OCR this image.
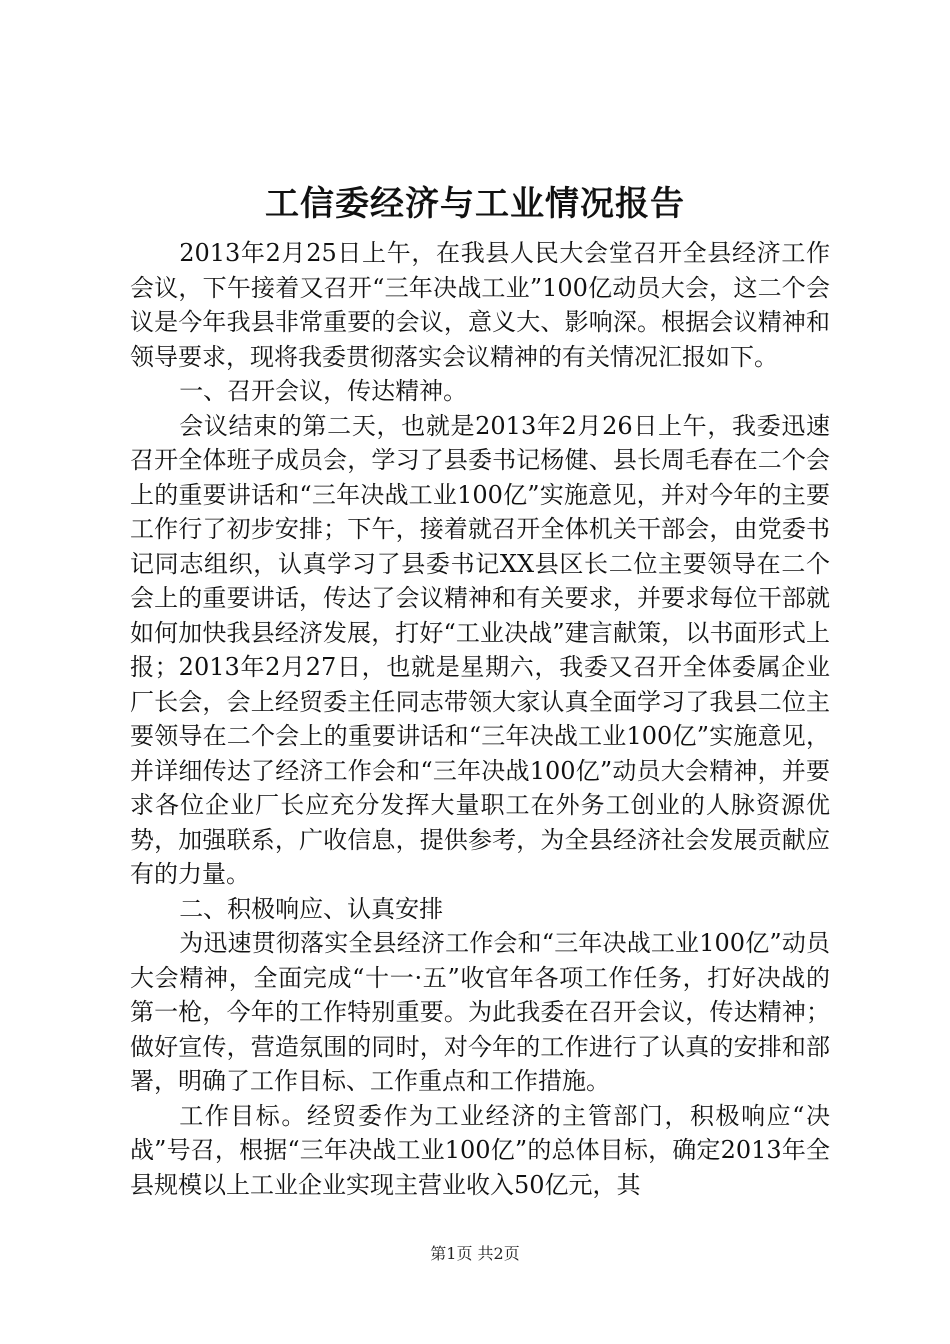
工信委经济与工业情况报告

2013年2月25日上午，在我县人民大会堂召开全县经济工作会议，下午接着又召开“三年决战工业”100亿动员大会，这二个会议是今年我县非常重要的会议，意义大、影响深。根据会议精神和领导要求，现将我委贯彻落实会议精神的有关情况汇报如下。

一、召开会议，传达精神。

会议结束的第二天，也就是2013年2月26日上午，我委迅速召开全体班子成员会，学习了县委书记杨健、县长周毛春在二个会上的重要讲话和“三年决战工业100亿”实施意见，并对今年的主要工作行了初步安排；下午，接着就召开全体机关干部会，由党委书记同志组织，认真学习了县委书记XX县区长二位主要领导在二个会上的重要讲话，传达了会议精神和有关要求，并要求每位干部就如何加快我县经济发展，打好“工业决战”建言献策，以书面形式上报；2013年2月27日，也就是星期六，我委又召开全体委属企业厂长会，会上经贸委主任同志带领大家认真全面学习了我县二位主要领导在二个会上的重要讲话和“三年决战工业100亿”实施意见，并详细传达了经济工作会和“三年决战100亿”动员大会精神，并要求各位企业厂长应充分发挥大量职工在外务工创业的人脉资源优势，加强联系，广收信息，提供参考，为全县经济社会发展贡献应有的力量。

二、积极响应、认真安排

为迅速贯彻落实全县经济工作会和“三年决战工业100亿”动员大会精神，全面完成“十一·五”收官年各项工作任务，打好决战的第一枪，今年的工作特别重要。为此我委在召开会议，传达精神；做好宣传，营造氛围的同时，对今年的工作进行了认真的安排和部署，明确了工作目标、工作重点和工作措施。

工作目标。经贸委作为工业经济的主管部门，积极响应“决战”号召，根据“三年决战工业100亿”的总体目标，确定2013年全县规模以上工业企业实现主营业收入50亿元，其

第1页 共2页
